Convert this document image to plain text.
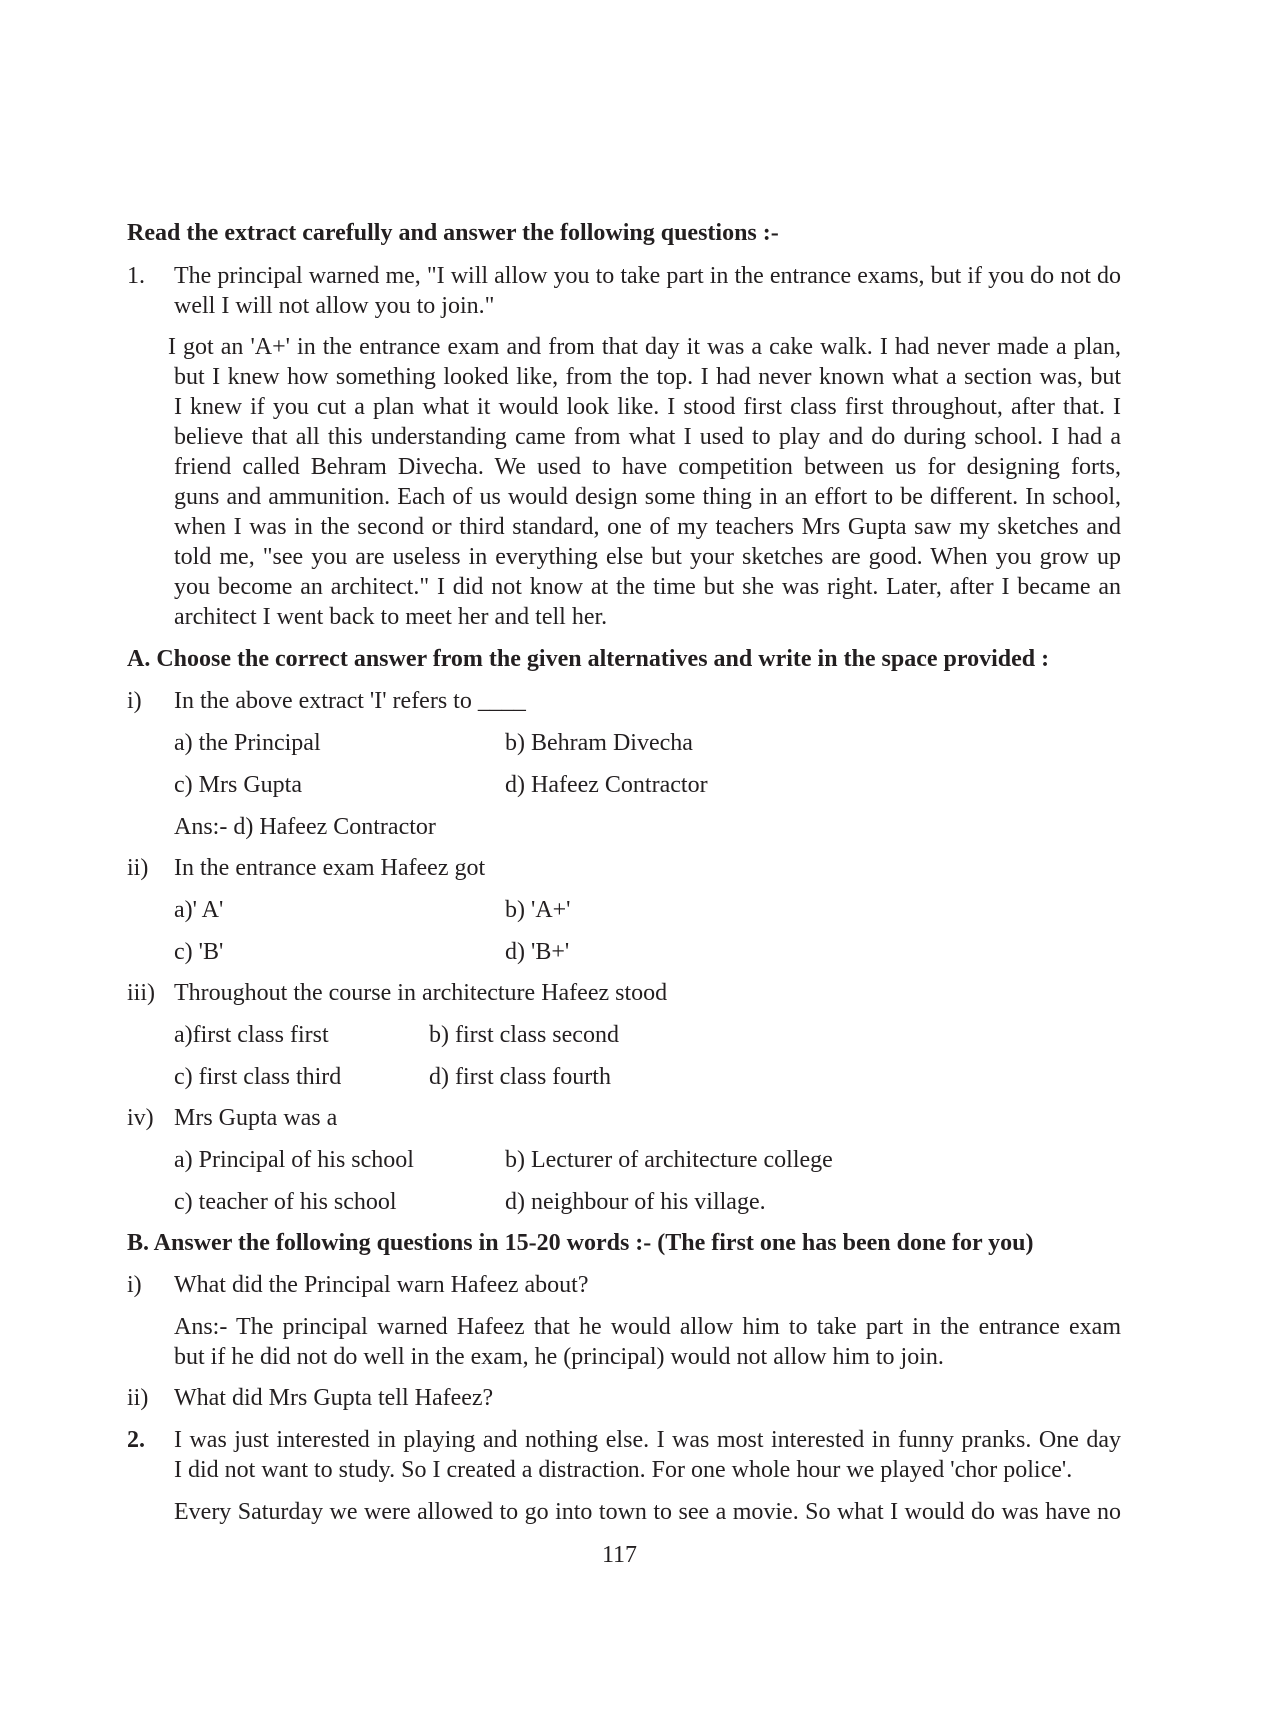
Read the extract carefully and answer the following questions :-
1. The principal warned me, "I will allow you to take part in the entrance exams, but if you do not do well I will not allow you to join."
I got an 'A+' in the entrance exam and from that day it was a cake walk. I had never made a plan,
but I knew how something looked like, from the top. I had never known what a section was, but
I knew if you cut a plan what it would look like. I stood first class first throughout, after that. I
believe that all this understanding came from what I used to play and do during school. I had a
friend called Behram Divecha. We used to have competition between us for designing forts,
guns and ammunition. Each of us would design some thing in an effort to be different. In school,
when I was in the second or third standard, one of my teachers Mrs Gupta saw my sketches and
told me, "see you are useless in everything else but your sketches are good. When you grow up
you become an architect." I did not know at the time but she was right. Later, after I became an
architect I went back to meet her and tell her.
A. Choose the correct answer from the given alternatives and write in the space provided :
i) In the above extract 'I' refers to ____
a) the Principal	b) Behram Divecha
c) Mrs Gupta	d) Hafeez Contractor
Ans:- d) Hafeez Contractor
ii) In the entrance exam Hafeez got
a)' A'	b) 'A+'
c) 'B'	d) 'B+'
iii) Throughout the course in architecture Hafeez stood
a)first class first	b) first class second
c) first class third	d) first class fourth
iv) Mrs Gupta was a
a) Principal of his school	b) Lecturer of architecture college
c) teacher of his school	d) neighbour of his village.
B. Answer the following questions in 15-20 words :- (The first one has been done for you)
i) What did the Principal warn Hafeez about?
Ans:- The principal warned Hafeez that he would allow him to take part in the entrance exam
but if he did not do well in the exam, he (principal) would not allow him to join.
ii) What did Mrs Gupta tell Hafeez?
2. I was just interested in playing and nothing else. I was most interested in funny pranks. One day
I did not want to study. So I created a distraction. For one whole hour we played 'chor police'.
Every Saturday we were allowed to go into town to see a movie. So what I would do was have no
117
